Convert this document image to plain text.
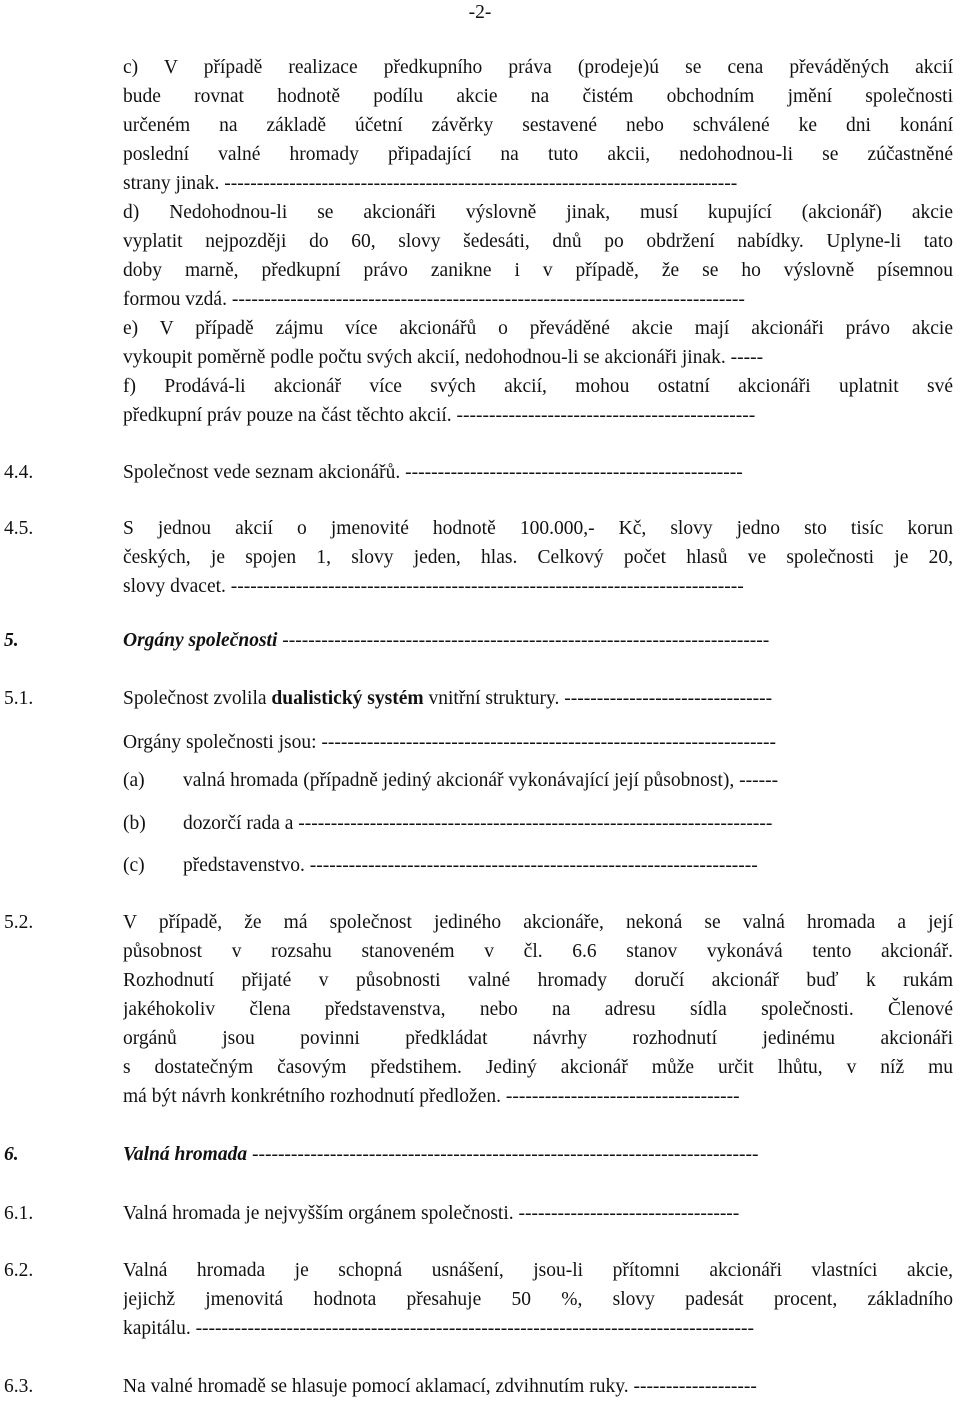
-2-
c) V případě realizace předkupního práva (prodeje)ú se cena převáděných akcií
bude rovnat hodnotě podílu akcie na čistém obchodním jmění společnosti
určeném na základě účetní závěrky sestavené nebo schválené ke dni konání
poslední valné hromady připadající na tuto akcii, nedohodnou-li se zúčastněné
strany jinak. -------------------------------------------------------------------------------
d) Nedohodnou-li se akcionáři výslovně jinak, musí kupující (akcionář) akcie
vyplatit nejpozději do 60, slovy šedesáti, dnů po obdržení nabídky. Uplyne-li tato
doby marně, předkupní právo zanikne i v případě, že se ho výslovně písemnou
formou vzdá. -------------------------------------------------------------------------------
e) V případě zájmu více akcionářů o převáděné akcie mají akcionáři právo akcie
vykoupit poměrně podle počtu svých akcií, nedohodnou-li se akcionáři jinak. -----
f) Prodává-li akcionář více svých akcií, mohou ostatní akcionáři uplatnit své
předkupní práv pouze na část těchto akcií. ----------------------------------------------
4.4.	Společnost vede seznam akcionářů. ----------------------------------------------------
4.5.	S jednou akcií o jmenovité hodnotě 100.000,- Kč, slovy jedno sto tisíc korun
českých, je spojen 1, slovy jeden, hlas. Celkový počet hlasů ve společnosti je 20,
slovy dvacet. -------------------------------------------------------------------------------
5.	Orgány společnosti ---------------------------------------------------------------------------
5.1.	Společnost zvolila dualistický systém vnitřní struktury. --------------------------------
Orgány společnosti jsou: ----------------------------------------------------------------------
(a) valná hromada (případně jediný akcionář vykonávající její působnost), ------
(b) dozorčí rada a -------------------------------------------------------------------------
(c) představenstvo. ---------------------------------------------------------------------
5.2.	V případě, že má společnost jediného akcionáře, nekoná se valná hromada a její
působnost v rozsahu stanoveném v čl. 6.6 stanov vykonává tento akcionář.
Rozhodnutí přijaté v působnosti valné hromady doručí akcionář buď k rukám
jakéhokoliv člena představenstva, nebo na adresu sídla společnosti. Členové
orgánů jsou povinni předkládat návrhy rozhodnutí jedinému akcionáři
s dostatečným časovým předstihem. Jediný akcionář může určit lhůtu, v níž mu
má být návrh konkrétního rozhodnutí předložen. ------------------------------------
6.	Valná hromada ------------------------------------------------------------------------------
6.1.	Valná hromada je nejvyšším orgánem společnosti. ----------------------------------
6.2.	Valná hromada je schopná usnášení, jsou-li přítomni akcionáři vlastníci akcie,
jejichž jmenovitá hodnota přesahuje 50 %, slovy padesát procent, základního
kapitálu. --------------------------------------------------------------------------------------
6.3.	Na valné hromadě se hlasuje pomocí aklamací, zdvihnutím ruky. -------------------
